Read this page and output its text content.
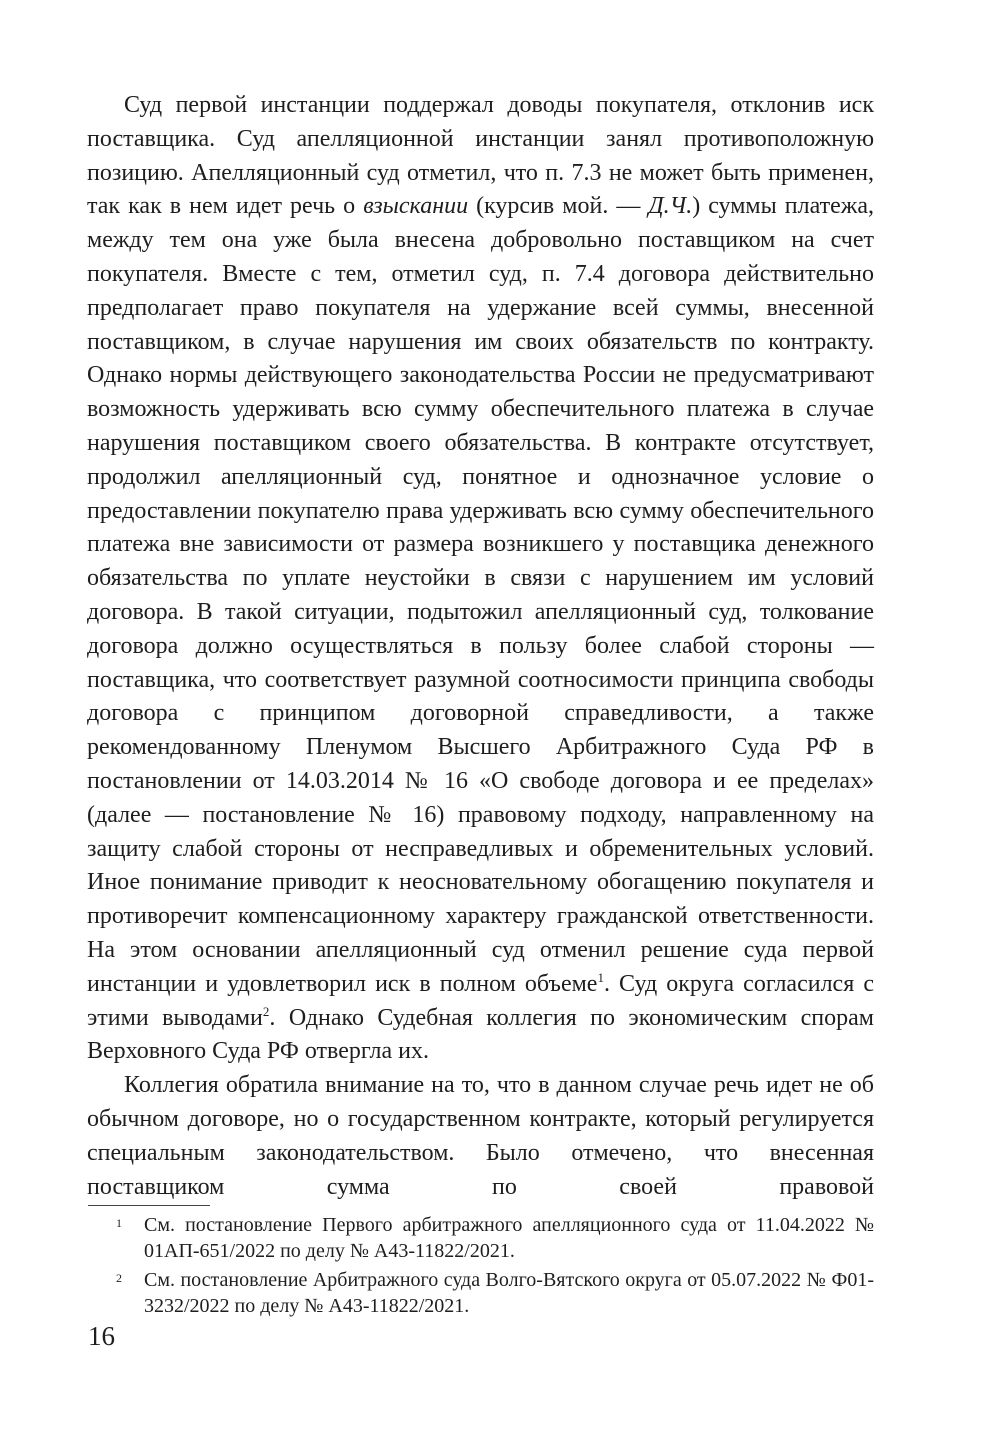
Суд первой инстанции поддержал доводы покупателя, отклонив иск поставщика. Суд апелляционной инстанции занял противоположную позицию. Апелляционный суд отметил, что п. 7.3 не может быть применен, так как в нем идет речь о взыскании (курсив мой. — Д.Ч.) суммы платежа, между тем она уже была внесена добровольно поставщиком на счет покупателя. Вместе с тем, отметил суд, п. 7.4 договора действительно предполагает право покупателя на удержание всей суммы, внесенной поставщиком, в случае нарушения им своих обязательств по контракту. Однако нормы действующего законодательства России не предусматривают возможность удерживать всю сумму обеспечительного платежа в случае нарушения поставщиком своего обязательства. В контракте отсутствует, продолжил апелляционный суд, понятное и однозначное условие о предоставлении покупателю права удерживать всю сумму обеспечительного платежа вне зависимости от размера возникшего у поставщика денежного обязательства по уплате неустойки в связи с нарушением им условий договора. В такой ситуации, подытожил апелляционный суд, толкование договора должно осуществляться в пользу более слабой стороны — поставщика, что соответствует разумной соотносимости принципа свободы договора с принципом договорной справедливости, а также рекомендованному Пленумом Высшего Арбитражного Суда РФ в постановлении от 14.03.2014 № 16 «О свободе договора и ее пределах» (далее — постановление № 16) правовому подходу, направленному на защиту слабой стороны от несправедливых и обременительных условий. Иное понимание приводит к неосновательному обогащению покупателя и противоречит компенсационному характеру гражданской ответственности. На этом основании апелляционный суд отменил решение суда первой инстанции и удовлетворил иск в полном объеме$^1$. Суд округа согласился с этими выводами$^2$. Однако Судебная коллегия по экономическим спорам Верховного Суда РФ отвергла их.

Коллегия обратила внимание на то, что в данном случае речь идет не об обычном договоре, но о государственном контракте, который регулируется специальным законодательством. Было отмечено, что внесенная поставщиком сумма по своей правовой

1 См. постановление Первого арбитражного апелляционного суда от 11.04.2022 № 01АП-651/2022 по делу № А43-11822/2021.
2 См. постановление Арбитражного суда Волго-Вятского округа от 05.07.2022 № Ф01-3232/2022 по делу № А43-11822/2021.
16
